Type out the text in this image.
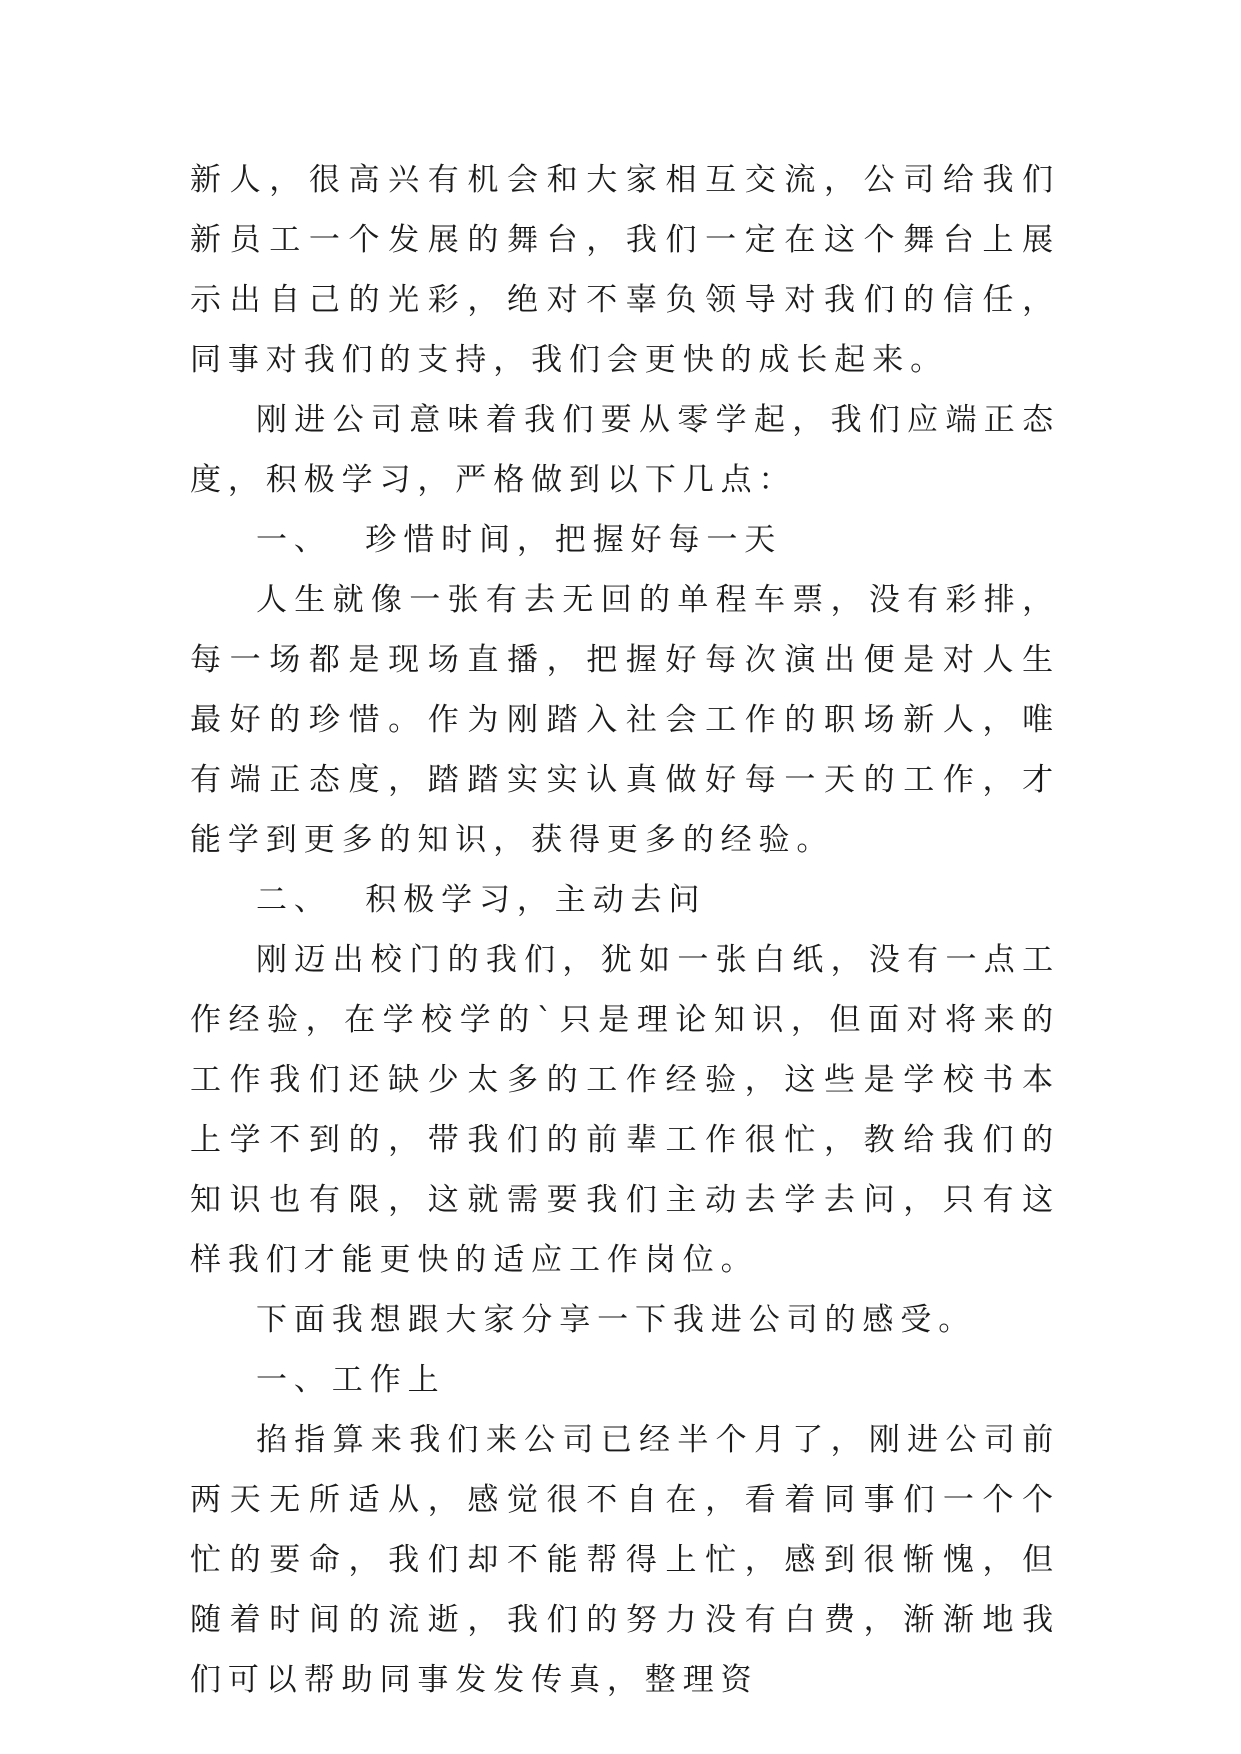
新人，很高兴有机会和大家相互交流，公司给我们新员工一个发展的舞台，我们一定在这个舞台上展示出自己的光彩，绝对不辜负领导对我们的信任，同事对我们的支持，我们会更快的成长起来。

刚进公司意味着我们要从零学起，我们应端正态度，积极学习，严格做到以下几点：

一、  珍惜时间，把握好每一天

人生就像一张有去无回的单程车票，没有彩排，每一场都是现场直播，把握好每次演出便是对人生最好的珍惜。作为刚踏入社会工作的职场新人，唯有端正态度，踏踏实实认真做好每一天的工作，才能学到更多的知识，获得更多的经验。

二、  积极学习，主动去问

刚迈出校门的我们，犹如一张白纸，没有一点工作经验，在学校学的`只是理论知识，但面对将来的工作我们还缺少太多的工作经验，这些是学校书本上学不到的，带我们的前辈工作很忙，教给我们的知识也有限，这就需要我们主动去学去问，只有这样我们才能更快的适应工作岗位。

下面我想跟大家分享一下我进公司的感受。

一、工作上

掐指算来我们来公司已经半个月了，刚进公司前两天无所适从，感觉很不自在，看着同事们一个个忙的要命，我们却不能帮得上忙，感到很惭愧，但随着时间的流逝，我们的努力没有白费，渐渐地我们可以帮助同事发发传真，整理资
